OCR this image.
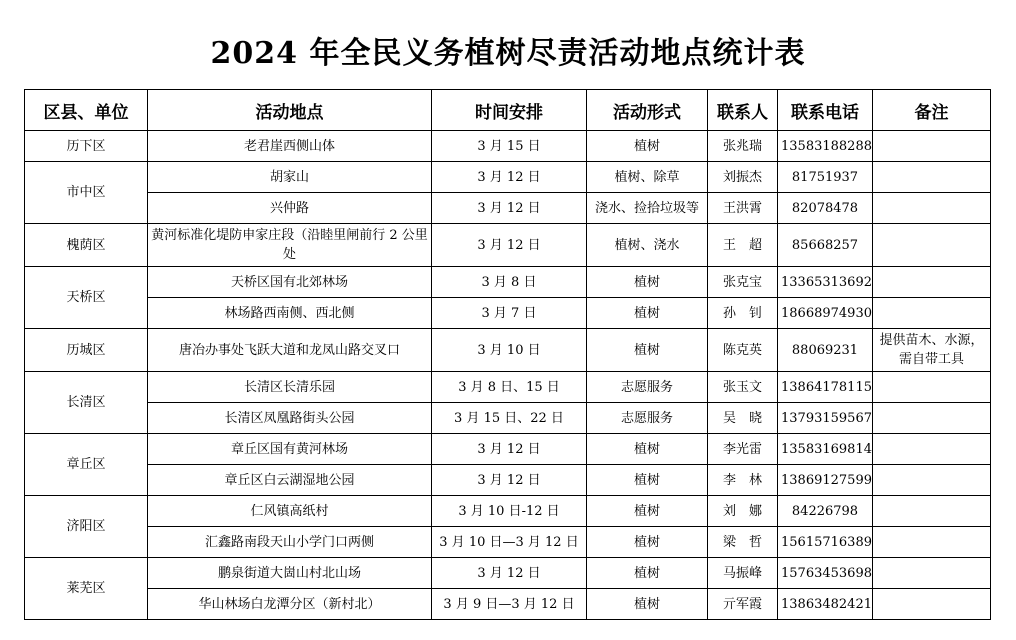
2024 年全民义务植树尽责活动地点统计表
区县、单位	活动地点	时间安排	活动形式	联系人	联系电话	备注
历下区	老君崖西侧山体	3 月 15 日	植树	张兆瑞	13583188288	
市中区	胡家山	3 月 12 日	植树、除草	刘振杰	81751937	
	兴仲路	3 月 12 日	浇水、捡拾垃圾等	王洪霄	82078478	
槐荫区	黄河标准化堤防申家庄段（沿睦里闸前行 2 公里处	3 月 12 日	植树、浇水	王　超	85668257	
天桥区	天桥区国有北郊林场	3 月 8 日	植树	张克宝	13365313692	
	林场路西南侧、西北侧	3 月 7 日	植树	孙　钊	18668974930	
历城区	唐冶办事处飞跃大道和龙凤山路交叉口	3 月 10 日	植树	陈克英	88069231	提供苗木、水源，需自带工具
长清区	长清区长清乐园	3 月 8 日、15 日	志愿服务	张玉文	13864178115	
	长清区凤凰路街头公园	3 月 15 日、22 日	志愿服务	吴　晓	13793159567	
章丘区	章丘区国有黄河林场	3 月 12 日	植树	李光雷	13583169814	
	章丘区白云湖湿地公园	3 月 12 日	植树	李　林	13869127599	
济阳区	仁风镇高纸村	3 月 10 日-12 日	植树	刘　娜	84226798	
	汇鑫路南段天山小学门口两侧	3 月 10 日—3 月 12 日	植树	梁　哲	15615716389	
莱芜区	鹏泉街道大崮山村北山场	3 月 12 日	植树	马振峰	15763453698	
	华山林场白龙潭分区（新村北）	3 月 9 日—3 月 12 日	植树	亓军霞	13863482421	
